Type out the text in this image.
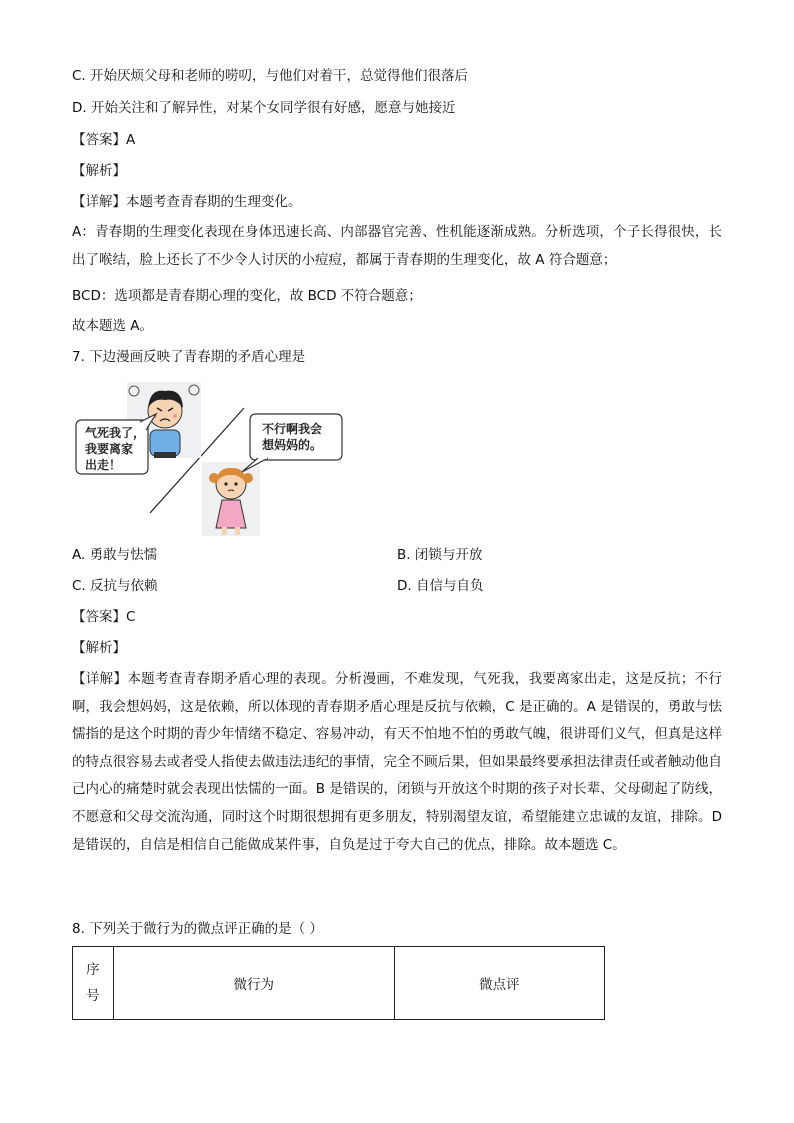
C. 开始厌烦父母和老师的唠叨，与他们对着干，总觉得他们很落后
D. 开始关注和了解异性，对某个女同学很有好感，愿意与她接近
【答案】A
【解析】
【详解】本题考查青春期的生理变化。
A：青春期的生理变化表现在身体迅速长高、内部器官完善、性机能逐渐成熟。分析选项，个子长得很快，长出了喉结，脸上还长了不少令人讨厌的小痘痘，都属于青春期的生理变化，故 A 符合题意；
BCD：选项都是青春期心理的变化，故 BCD 不符合题意；
故本题选 A。
7. 下边漫画反映了青春期的矛盾心理是
气死我了，
我要离家
出走！
不行啊我会
想妈妈的。
A. 勇敢与怯懦	B. 闭锁与开放
C. 反抗与依赖	D. 自信与自负
【答案】C
【解析】
【详解】本题考查青春期矛盾心理的表现。分析漫画，不难发现，气死我，我要离家出走，这是反抗；不行啊，我会想妈妈，这是依赖，所以体现的青春期矛盾心理是反抗与依赖，C 是正确的。A 是错误的，勇敢与怯懦指的是这个时期的青少年情绪不稳定、容易冲动，有天不怕地不怕的勇敢气魄，很讲哥们义气，但真是这样的特点很容易去或者受人指使去做违法违纪的事情，完全不顾后果，但如果最终要承担法律责任或者触动他自己内心的痛楚时就会表现出怯懦的一面。B 是错误的，闭锁与开放这个时期的孩子对长辈、父母砌起了防线，不愿意和父母交流沟通，同时这个时期很想拥有更多朋友，特别渴望友谊，希望能建立忠诚的友谊，排除。D 是错误的，自信是相信自己能做成某件事，自负是过于夸大自己的优点，排除。故本题选 C。
8. 下列关于微行为的微点评正确的是（ ）
序号	微行为	微点评
